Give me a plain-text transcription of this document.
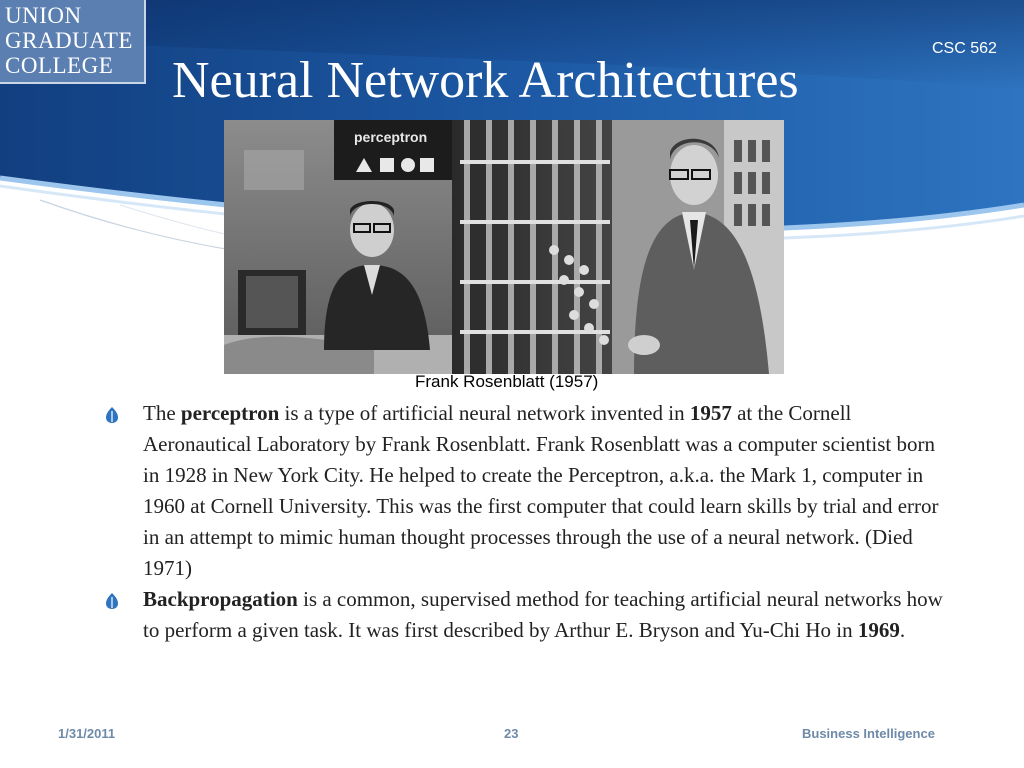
UNION
GRADUATE
COLLEGE
CSC 562
Neural Network Architectures
perceptron
Frank Rosenblatt (1957)
The perceptron is a type of artificial neural network invented in 1957 at the Cornell Aeronautical Laboratory by Frank Rosenblatt. Frank Rosenblatt was a computer scientist born in 1928 in New York City. He helped to create the Perceptron, a.k.a. the Mark 1, computer in 1960 at Cornell University. This was the first computer that could learn skills by trial and error in an attempt to mimic human thought processes through the use of a neural network. (Died 1971)
Backpropagation is a common, supervised method for teaching artificial neural networks how to perform a given task. It was first described by Arthur E. Bryson and Yu-Chi Ho in 1969.
1/31/2011	23	Business Intelligence
